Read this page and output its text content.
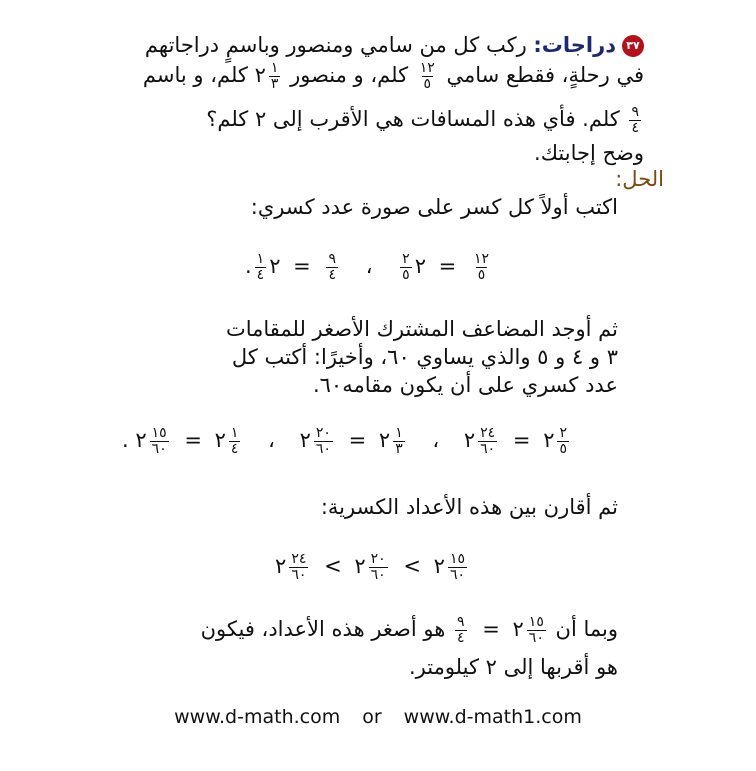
٣٧دراجات: ركب كل من سامي ومنصور وباسمٍ دراجاتهم
في رحلةٍ، فقطع سامي
$\frac{١٢}{٥}$
كلم، و منصور
$\frac{١}{٣}$
٢ كلم، و باسم
$\frac{٩}{٤}$
كلم. فأي هذه المسافات هي الأقرب إلى ٢ كلم؟
وضح إجابتك.
الحل:
اكتب أولاً كل كسر على صورة عدد كسري:
$\frac{١٢}{٥}$
= ٢
$\frac{٢}{٥}$
،
$\frac{٩}{٤}$
= ٢
$\frac{١}{٤}$
.
ثم أوجد المضاعف المشترك الأصغر للمقامات
٣ و ٤ و ٥ والذي يساوي ٦٠، وأخيرًا: أكتب كل
عدد كسري على أن يكون مقامه٦٠.
$\frac{٢}{٥}$
٢ =
$\frac{٢٤}{٦٠}$
٢ ،
$\frac{١}{٣}$
٢ =
$\frac{٢٠}{٦٠}$
٢ ،
$\frac{١}{٤}$
٢ =
$\frac{١٥}{٦٠}$
٢ .
ثم أقارن بين هذه الأعداد الكسرية:
$\frac{١٥}{٦٠}$
٢ >
$\frac{٢٠}{٦٠}$
٢ >
$\frac{٢٤}{٦٠}$
٢
وبما أن
$\frac{١٥}{٦٠}$
٢ =
$\frac{٩}{٤}$
هو أصغر هذه الأعداد، فيكون
هو أقربها إلى ٢ كيلومتر.
www.d-math.com or www.d-math1.com
